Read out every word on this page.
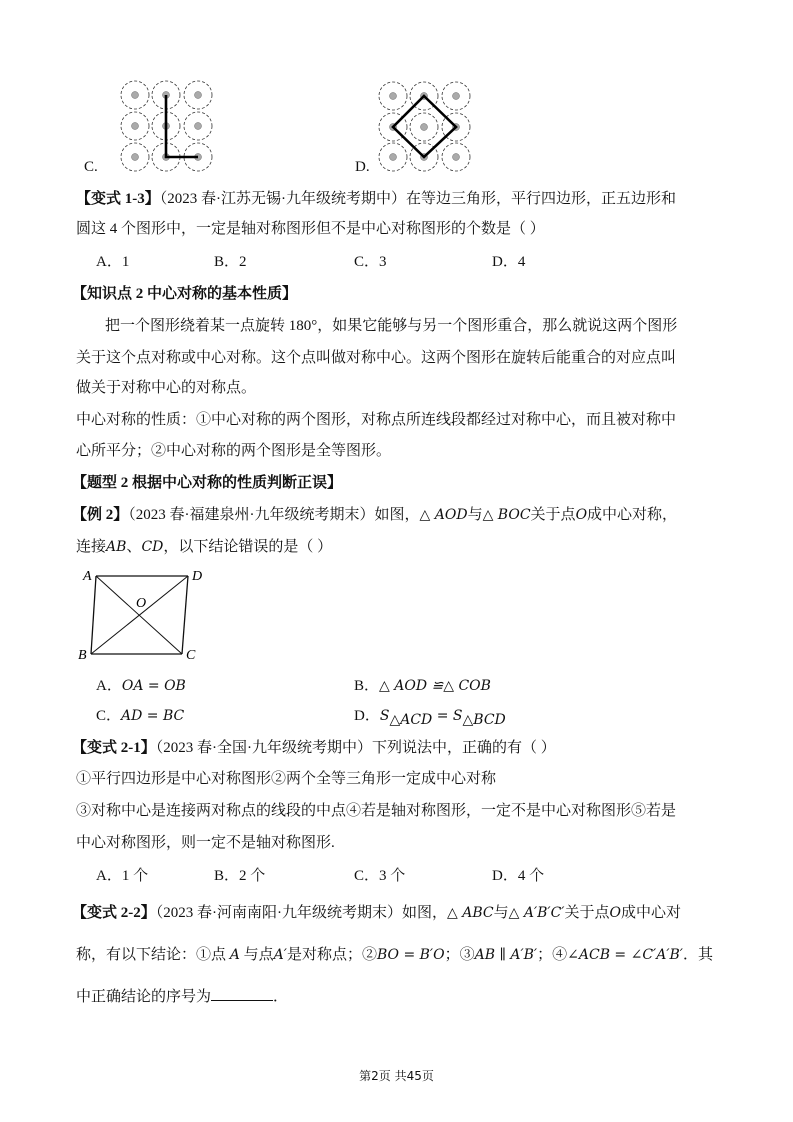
C.	D.
【变式 1-3】（2023 春·江苏无锡·九年级统考期中）在等边三角形，平行四边形，正五边形和
圆这 4 个图形中，一定是轴对称图形但不是中心对称图形的个数是（ ）
A．1	B．2	C．3	D．4
【知识点 2 中心对称的基本性质】
把一个图形绕着某一点旋转 180°，如果它能够与另一个图形重合，那么就说这两个图形
关于这个点对称或中心对称。这个点叫做对称中心。这两个图形在旋转后能重合的对应点叫
做关于对称中心的对称点。
中心对称的性质：①中心对称的两个图形，对称点所连线段都经过对称中心，而且被对称中
心所平分；②中心对称的两个图形是全等图形。
【题型 2 根据中心对称的性质判断正误】
【例 2】（2023 春·福建泉州·九年级统考期末）如图，△ AOD与△ BOC关于点O成中心对称，
连接AB、CD，以下结论错误的是（ ）
A	D
O
B	C
A．OA = OB	B．△ AOD ≌△ COB
C．AD = BC	D．$S_{\triangle ACD} = S_{\triangle BCD}$
【变式 2-1】（2023 春·全国·九年级统考期中）下列说法中，正确的有（ ）
①平行四边形是中心对称图形②两个全等三角形一定成中心对称
③对称中心是连接两对称点的线段的中点④若是轴对称图形，一定不是中心对称图形⑤若是
中心对称图形，则一定不是轴对称图形.
A．1 个	B．2 个	C．3 个	D．4 个
【变式 2-2】（2023 春·河南南阳·九年级统考期末）如图，△ ABC与△ A′B′C′关于点O成中心对
称，有以下结论：①点 A 与点A′是对称点；②BO = B′O；③AB ∥ A′B′；④∠ACB = ∠C′A′B′．其
中正确结论的序号为	．
第2页 共45页
